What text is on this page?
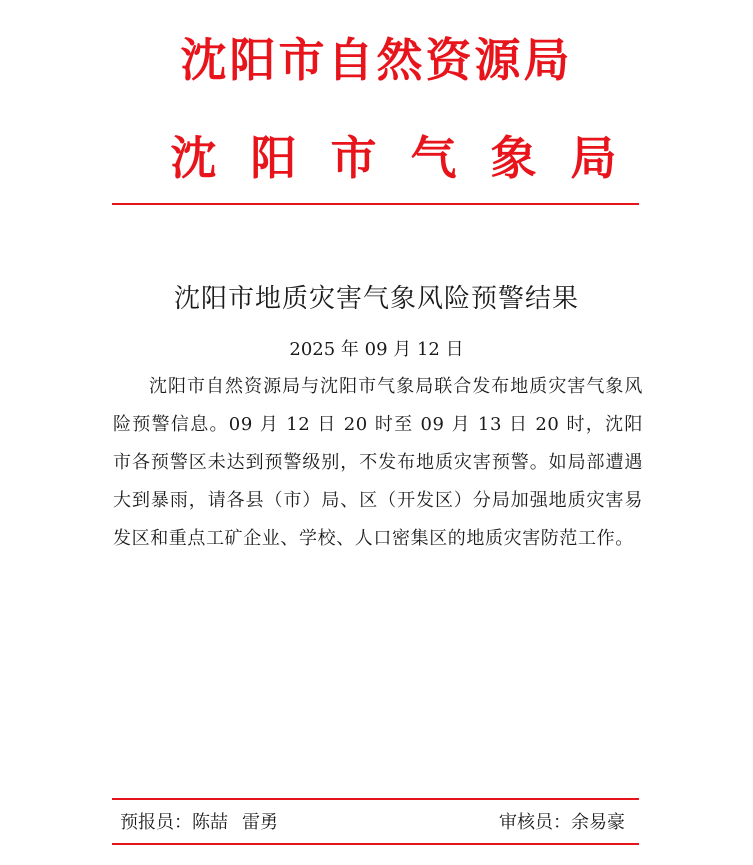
沈阳市自然资源局
沈阳市气象局
沈阳市地质灾害气象风险预警结果
2025 年 09 月 12 日

沈阳市自然资源局与沈阳市气象局联合发布地质灾害气象风险预警信息。09 月 12 日 20 时至 09 月 13 日 20 时，沈阳市各预警区未达到预警级别，不发布地质灾害预警。如局部遭遇大到暴雨，请各县（市）局、区（开发区）分局加强地质灾害易发区和重点工矿企业、学校、人口密集区的地质灾害防范工作。

预报员：陈喆 雷勇	审核员：余易豪
